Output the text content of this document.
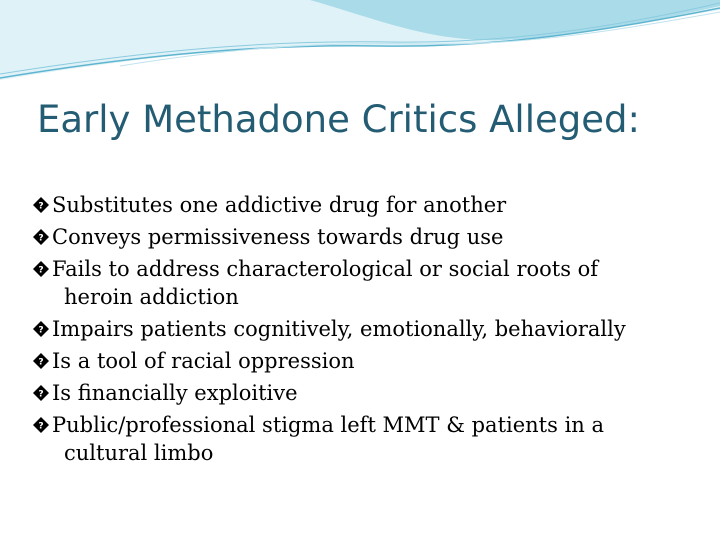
Early Methadone Critics Alleged:
? Substitutes one addictive drug for another
? Conveys permissiveness towards drug use
? Fails to address characterological or social roots of
heroin addiction
? Impairs patients cognitively, emotionally, behaviorally
? Is a tool of racial oppression
? Is financially exploitive
? Public/professional stigma left MMT & patients in a
cultural limbo
